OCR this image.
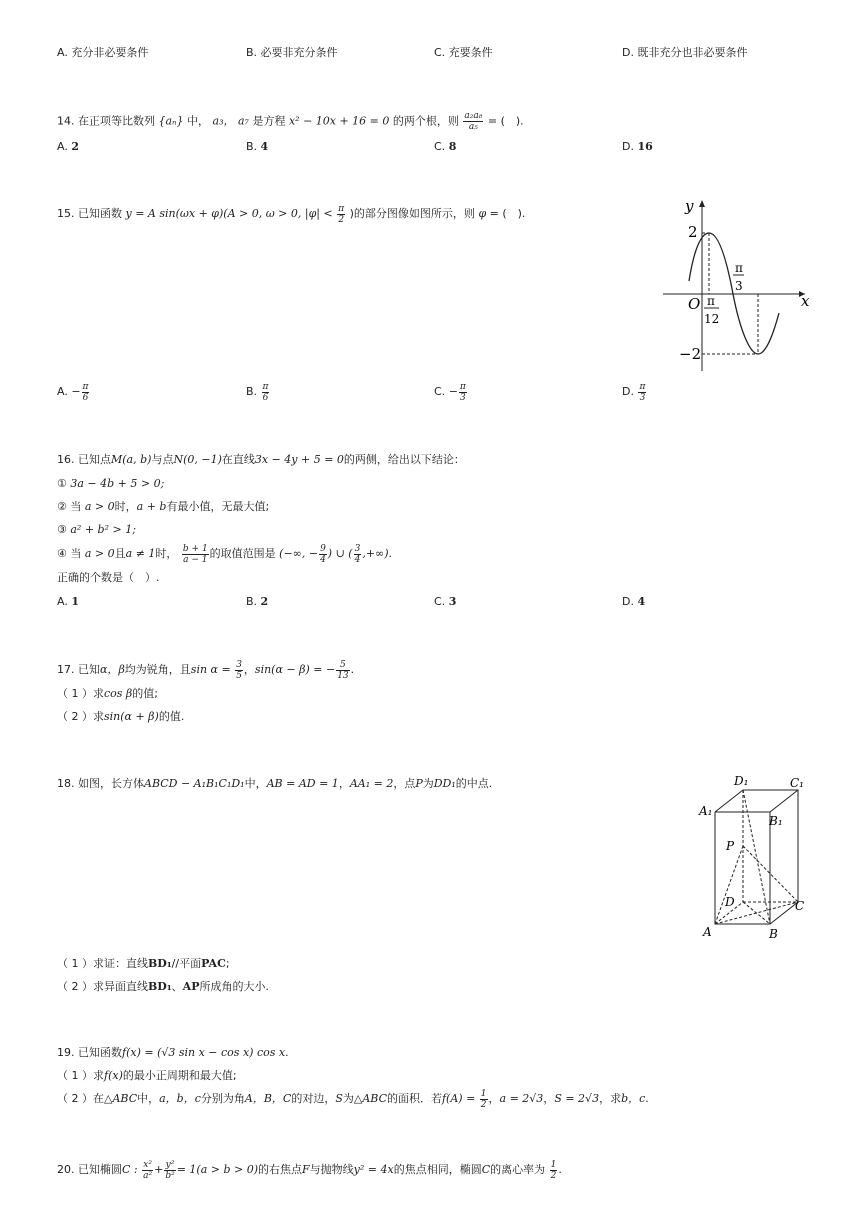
A. 充分非必要条件	B. 必要非充分条件	C. 充要条件	D. 既非充分也非必要条件
14. 在正项等比数列 {aₙ} 中， a₃， a₇ 是方程 x² − 10x + 16 = 0 的两个根，则 $\frac{\text{a₂a₈}}{\text{a₅}}$ = (　).
A. 2	B. 4	C. 8	D. 16
15. 已知函数 y = A sin(ωx + φ)(A > 0, ω > 0, $|\varphi| < \frac{\pi}{2}$ )的部分图像如图所示，则 φ = (　).	y
x
O
2
−2
π
12
π
3
A. − $\frac{\pi}{6}$	B. $\frac{\pi}{6}$	C. − $\frac{\pi}{3}$	D. $\frac{\pi}{3}$
16. 已知点M(a, b)与点N(0, −1)在直线3x − 4y + 5 = 0的两侧，给出以下结论：
① 3a − 4b + 5 > 0;
② 当 a > 0时，a + b有最小值，无最大值;
③ a² + b² > 1;
④ 当 a > 0且a ≠ 1时， $\frac{b + 1}{a - 1}$ 的取值范围是 (−∞, − $\frac{9}{4}$ ) ∪ ( $\frac{3}{4}$ ,+∞).
正确的个数是（　）.
A. 1	B. 2	C. 3	D. 4
17. 已知α，β均为锐角，且$\sin \alpha = \frac{3}{5}$ ，sin(α − β) = − $\frac{5}{13}$ .
（ 1 ）求cos β的值;
（ 2 ）求sin(α + β)的值.
18. 如图，长方体ABCD − A₁B₁C₁D₁中，AB = AD = 1，AA₁ = 2，点P为DD₁的中点.
A	B
C
D
P
A₁
B₁
C₁
D₁
（ 1 ）求证：直线BD₁//平面PAC;
（ 2 ）求异面直线BD₁、AP所成角的大小.
19. 已知函数f(x) = (√3 sin x − cos x) cos x.
（ 1 ）求f(x)的最小正周期和最大值;
（ 2 ）在△ABC中，a，b，c分别为角A，B，C的对边，S为△ABC的面积．若$f(A) = \frac{1}{2}$ ，a = 2√3，S = 2√3，求b，c.
20. 已知椭圆C : $\frac{\text{x²}}{\text{a²}} + \frac{\text{y²}}{\text{b²}} = 1(a > b > 0)$的右焦点F与抛物线y² = 4x的焦点相同，椭圆C的离心率为 $\frac{1}{2}$ .
